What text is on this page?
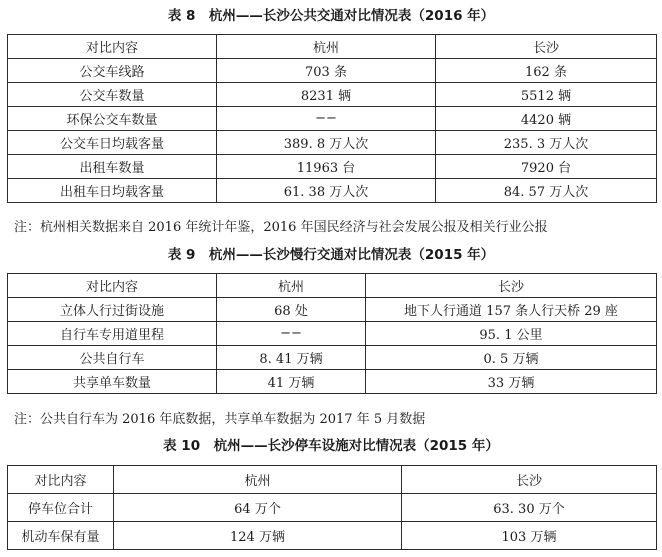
表 8　杭州——长沙公共交通对比情况表（2016 年）
对比内容	杭州	长沙
公交车线路	703 条	162 条
公交车数量	8231 辆	5512 辆
环保公交车数量	−−	4420 辆
公交车日均载客量	389. 8 万人次	235. 3 万人次
出租车数量	11963 台	7920 台
出租车日均载客量	61. 38 万人次	84. 57 万人次
注：杭州相关数据来自 2016 年统计年鉴，2016 年国民经济与社会发展公报及相关行业公报
表 9　杭州——长沙慢行交通对比情况表（2015 年）
对比内容	杭州	长沙
立体人行过街设施	68 处	地下人行通道 157 条人行天桥 29 座
自行车专用道里程	−−	95. 1 公里
公共自行车	8. 41 万辆	0. 5 万辆
共享单车数量	41 万辆	33 万辆
注：公共自行车为 2016 年底数据，共享单车数据为 2017 年 5 月数据
表 10　杭州——长沙停车设施对比情况表（2015 年）
对比内容	杭州	长沙
停车位合计	64 万个	63. 30 万个
机动车保有量	124 万辆	103 万辆
